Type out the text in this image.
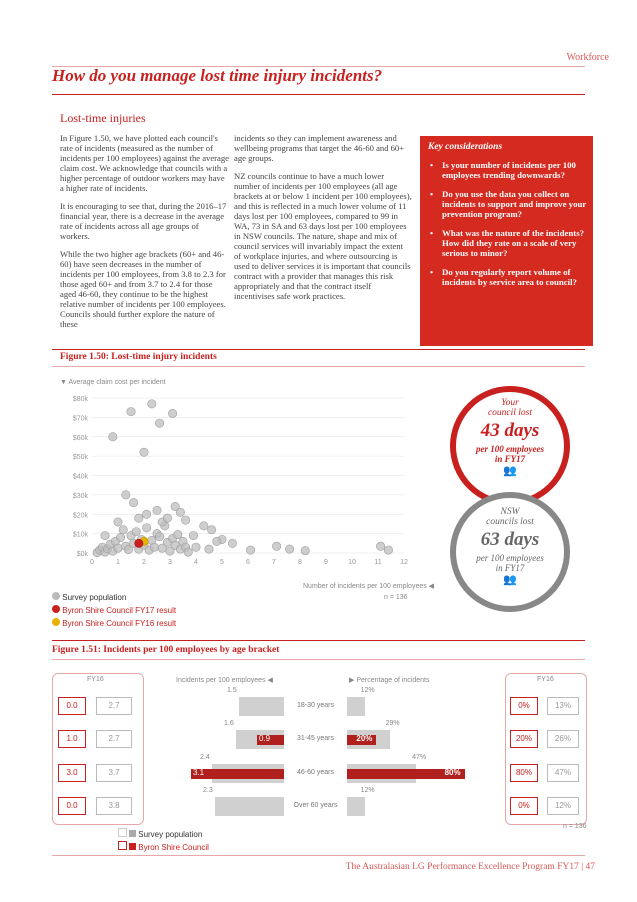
Workforce
How do you manage lost time injury incidents?
Lost-time injuries

In Figure 1.50, we have plotted each council's rate of incidents (measured as the number of incidents per 100 employees) against the average claim cost. We acknowledge that councils with a higher percentage of outdoor workers may have a higher rate of incidents.

It is encouraging to see that, during the 2016–17 financial year, there is a decrease in the average rate of incidents across all age groups of workers.

While the two higher age brackets (60+ and 46-60) have seen decreases in the number of incidents per 100 employees, from 3.8 to 2.3 for those aged 60+ and from 3.7 to 2.4 for those aged 46-60, they continue to be the highest relative number of incidents per 100 employees. Councils should further explore the nature of these

incidents so they can implement awareness and wellbeing programs that target the 46-60 and 60+ age groups.

NZ councils continue to have a much lower number of incidents per 100 employees (all age brackets at or below 1 incident per 100 employees), and this is reflected in a much lower volume of 11 days lost per 100 employees, compared to 99 in WA, 73 in SA and 63 days lost per 100 employees in NSW councils. The nature, shape and mix of council services will invariably impact the extent of workplace injuries, and where outsourcing is used to deliver services it is important that councils contract with a provider that manages this risk appropriately and that the contract itself incentivises safe work practices.

Key considerations
• Is your number of incidents per 100 employees trending downwards?
• Do you use the data you collect on incidents to support and improve your prevention program?
• What was the nature of the incidents? How did they rate on a scale of very serious to minor?
• Do you regularly report volume of incidents by service area to council?
Figure 1.50: Lost-time injury incidents
▼ Average claim cost per incident
$0k
$10k
$20k
$30k
$40k
$50k
$60k
$70k
$80k
0	1	2	3	4	5	6	7	8	9	10	11	12
Number of incidents per 100 employees ◀
n = 136
Survey population
Byron Shire Council FY17 result
Byron Shire Council FY16 result
Your
council lost
43 days
per 100 employees
in FY17
👥
NSW
councils lost
63 days
per 100 employees
in FY17
👥
Figure 1.51: Incidents per 100 employees by age bracket
FY16	FY16
Incidents per 100 employees ◀	▶ Percentage of incidents
0.0	2.7	0%	13%
1.5	12%
18-30 years
1.0	2.7	20%	26%
1.6	29%
0.9	20%
31-45 years
3.0	3.7	80%	47%
2.4	47%
3.1	80%
46-60 years
0.0	3.8	0%	12%
2.3	12%
Over 60 years
n = 136
Survey population
Byron Shire Council
The Australasian LG Performance Excellence Program FY17 | 47
